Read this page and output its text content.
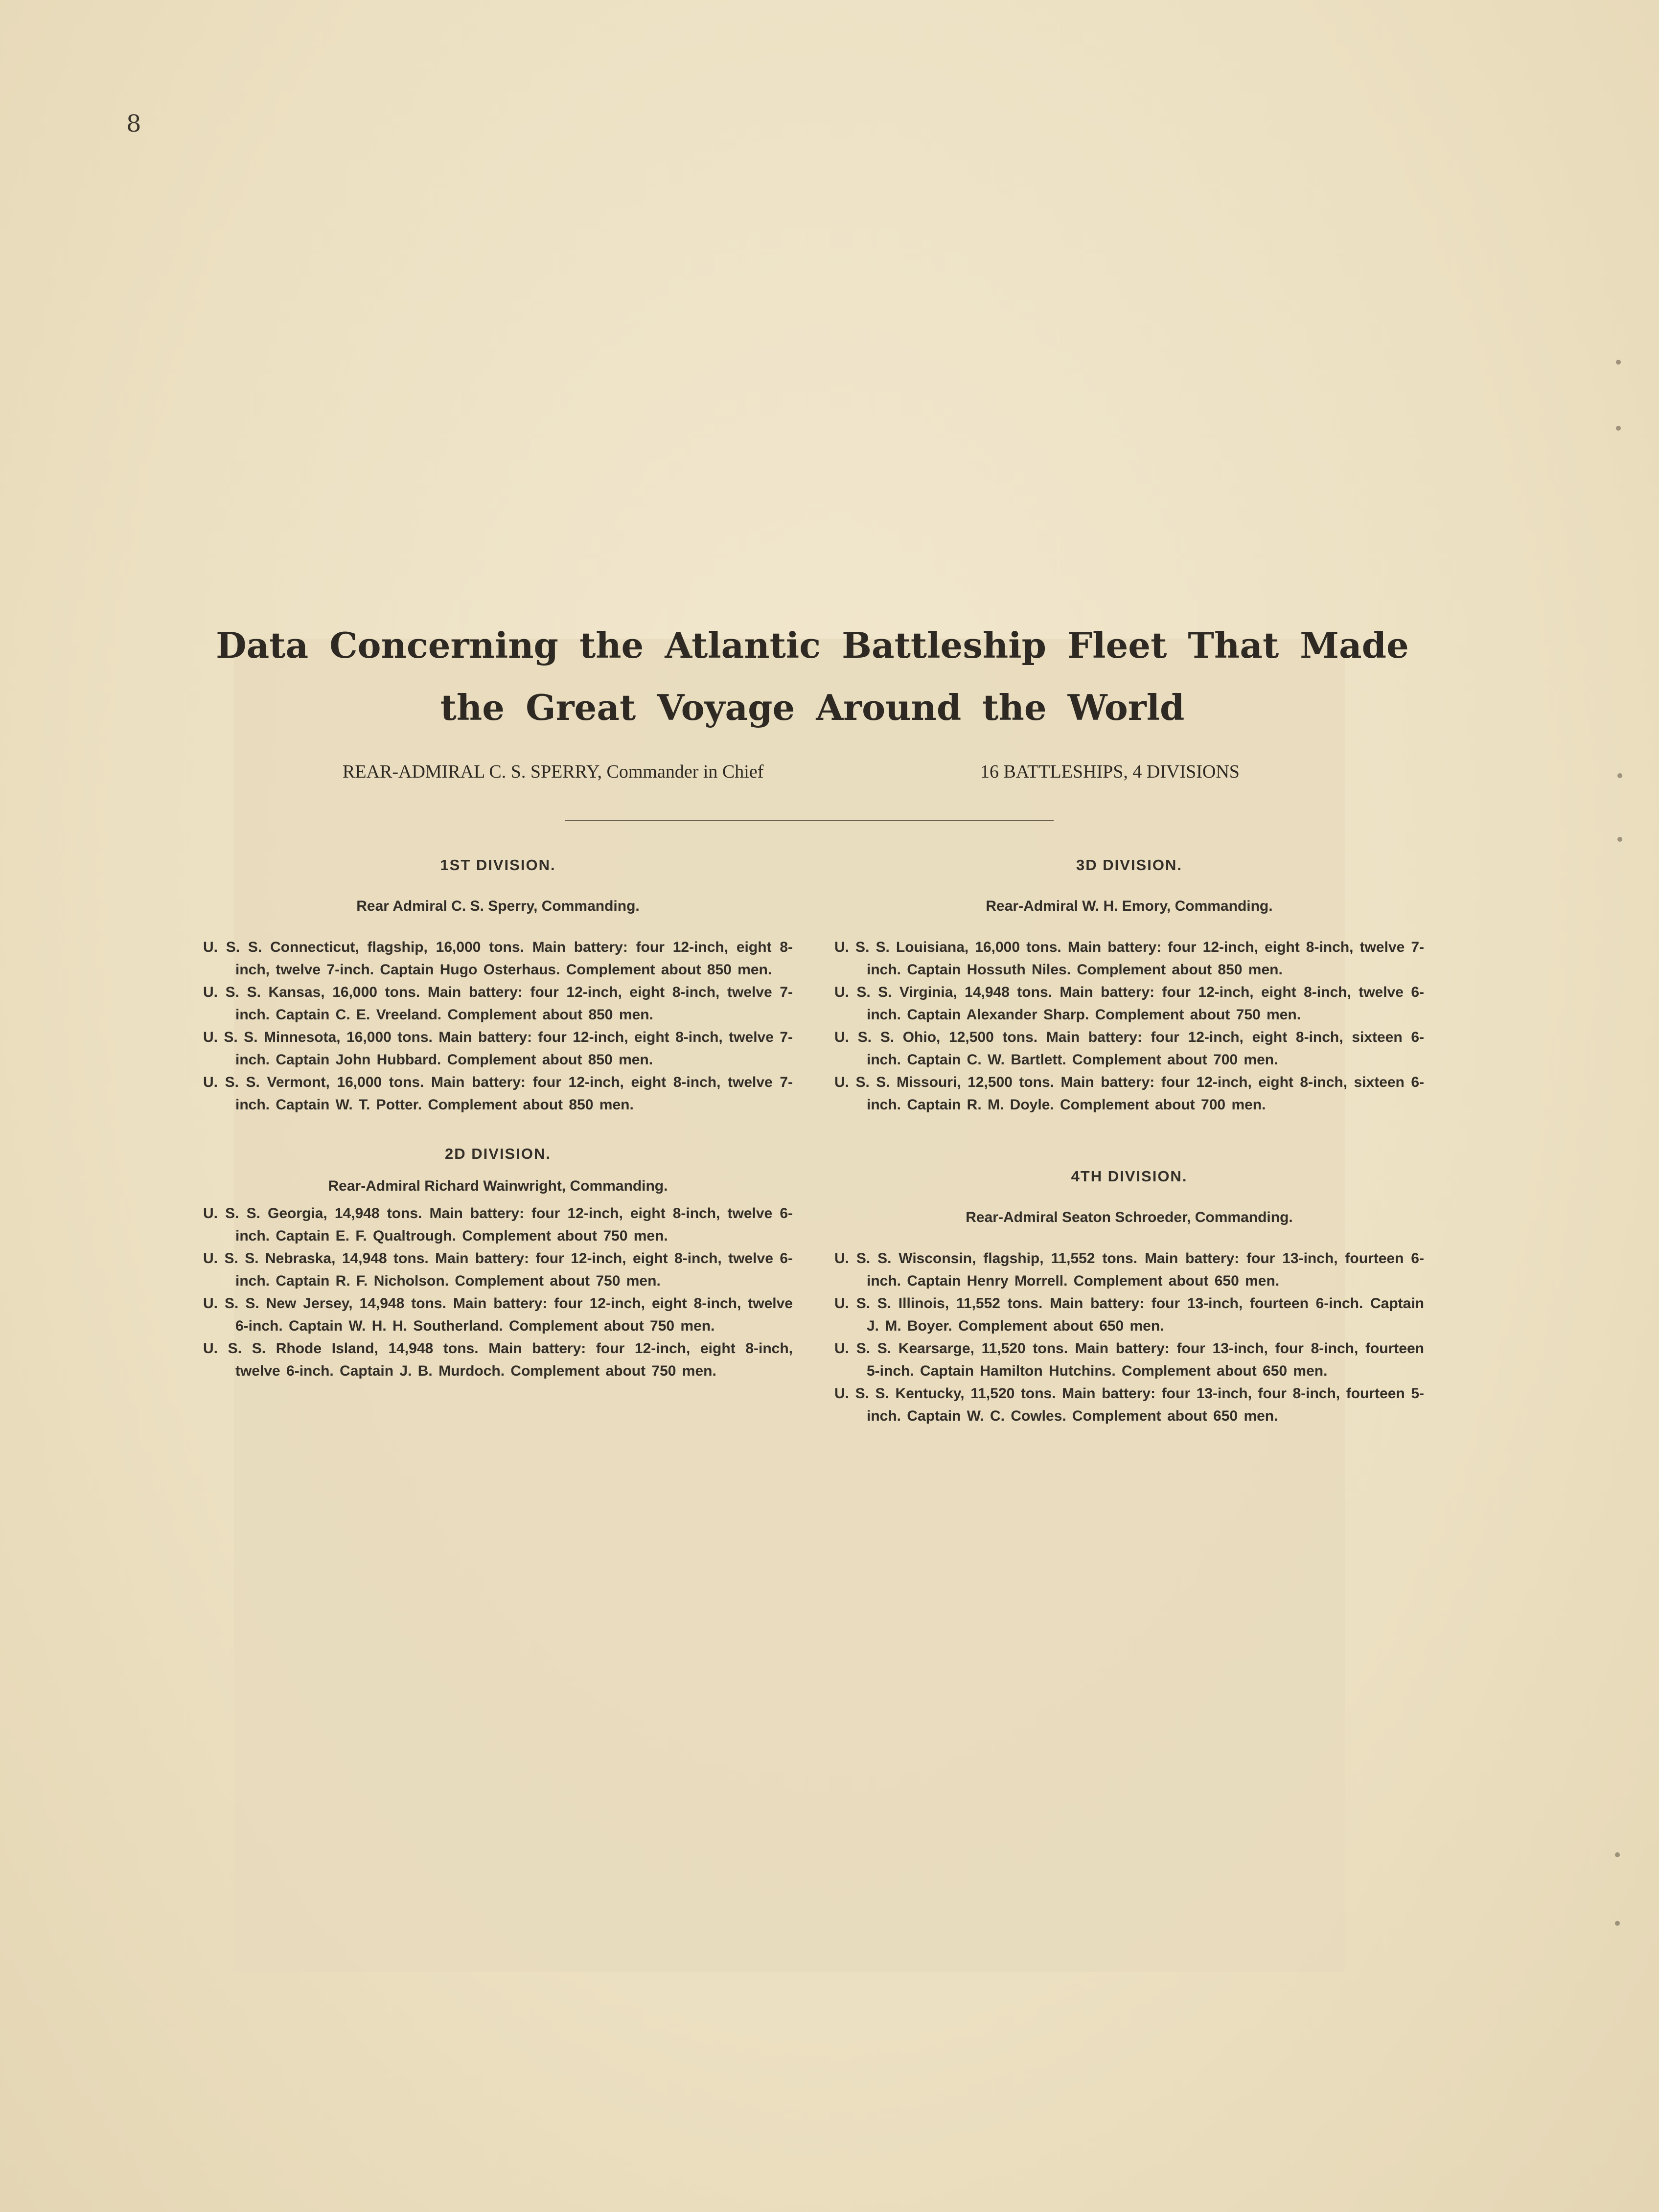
8
Data Concerning the Atlantic Battleship Fleet That Made
the Great Voyage Around the World
REAR-ADMIRAL C. S. SPERRY, Commander in Chief	16 BATTLESHIPS, 4 DIVISIONS

1ST DIVISION.

Rear Admiral C. S. Sperry, Commanding.

U. S. S. Connecticut, flagship, 16,000 tons. Main battery: four 12-inch, eight 8-inch, twelve 7-inch. Captain Hugo Osterhaus. Complement about 850 men.

U. S. S. Kansas, 16,000 tons. Main battery: four 12-inch, eight 8-inch, twelve 7-inch. Captain C. E. Vreeland. Complement about 850 men.

U. S. S. Minnesota, 16,000 tons. Main battery: four 12-inch, eight 8-inch, twelve 7-inch. Captain John Hubbard. Complement about 850 men.

U. S. S. Vermont, 16,000 tons. Main battery: four 12-inch, eight 8-inch, twelve 7-inch. Captain W. T. Potter. Complement about 850 men.

2D DIVISION.

Rear-Admiral Richard Wainwright, Commanding.

U. S. S. Georgia, 14,948 tons. Main battery: four 12-inch, eight 8-inch, twelve 6-inch. Captain E. F. Qualtrough. Complement about 750 men.

U. S. S. Nebraska, 14,948 tons. Main battery: four 12-inch, eight 8-inch, twelve 6-inch. Captain R. F. Nicholson. Complement about 750 men.

U. S. S. New Jersey, 14,948 tons. Main battery: four 12-inch, eight 8-inch, twelve 6-inch. Captain W. H. H. Southerland. Complement about 750 men.

U. S. S. Rhode Island, 14,948 tons. Main battery: four 12-inch, eight 8-inch, twelve 6-inch. Captain J. B. Murdoch. Complement about 750 men.

3D DIVISION.

Rear-Admiral W. H. Emory, Commanding.

U. S. S. Louisiana, 16,000 tons. Main battery: four 12-inch, eight 8-inch, twelve 7-inch. Captain Hossuth Niles. Complement about 850 men.

U. S. S. Virginia, 14,948 tons. Main battery: four 12-inch, eight 8-inch, twelve 6-inch. Captain Alexander Sharp. Complement about 750 men.

U. S. S. Ohio, 12,500 tons. Main battery: four 12-inch, eight 8-inch, sixteen 6-inch. Captain C. W. Bartlett. Complement about 700 men.

U. S. S. Missouri, 12,500 tons. Main battery: four 12-inch, eight 8-inch, sixteen 6-inch. Captain R. M. Doyle. Complement about 700 men.

4TH DIVISION.

Rear-Admiral Seaton Schroeder, Commanding.

U. S. S. Wisconsin, flagship, 11,552 tons. Main battery: four 13-inch, fourteen 6-inch. Captain Henry Morrell. Complement about 650 men.

U. S. S. Illinois, 11,552 tons. Main battery: four 13-inch, fourteen 6-inch. Captain J. M. Boyer. Complement about 650 men.

U. S. S. Kearsarge, 11,520 tons. Main battery: four 13-inch, four 8-inch, fourteen 5-inch. Captain Hamilton Hutchins. Complement about 650 men.

U. S. S. Kentucky, 11,520 tons. Main battery: four 13-inch, four 8-inch, fourteen 5-inch. Captain W. C. Cowles. Complement about 650 men.
